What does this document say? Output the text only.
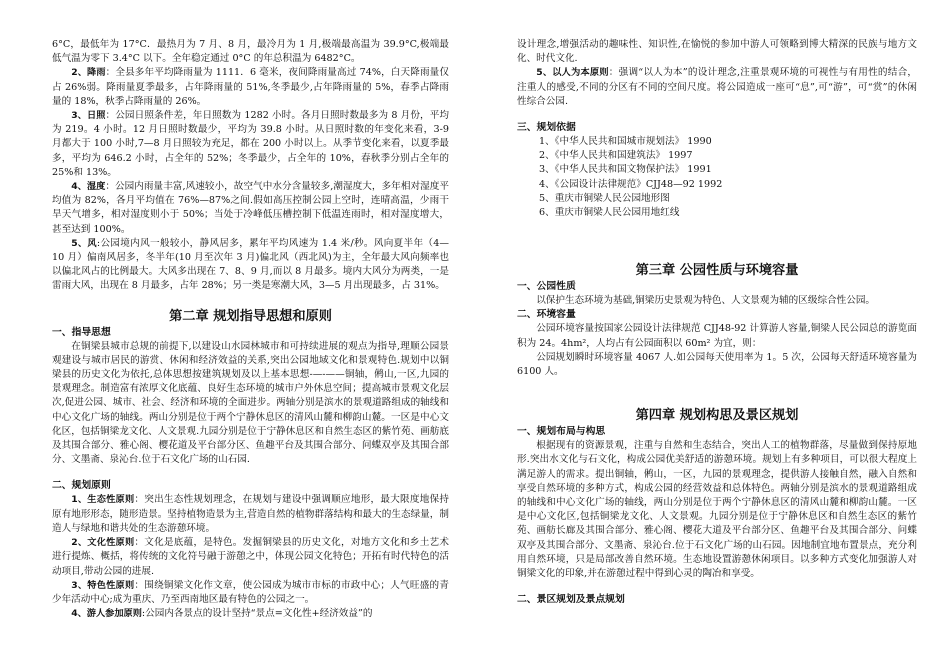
6°C，最低年为 17°C．最热月为 7 月、8 月，最冷月为 1 月,极端最高温为 39.9°C,极端最低气温为零下 3.4°C 以下。全年稳定通过 0°C 的年总积温为 6482°C。

2、降雨：全县多年平均降雨量为 1111．6 毫米，夜间降雨量高过 74%，白天降雨量仅占 26%弱。降雨量夏季最多，占年降雨量的 51%,冬季最少,占年降雨量的 5%，春季占降雨量的 18%，秋季占降雨量的 26%。

3、日照：公园日照条件差，年日照数为 1282 小时。各月日照时数最多为 8 月份，平均为 219。4 小时。12 月日照时数最少，平均为 39.8 小时。从日照时数的年变化来看，3-9 月都大于 100 小时,7—8 月日照较为充足，都在 200 小时以上。从季节变化来看，以夏季最多，平均为 646.2 小时，占全年的 52%；冬季最少，占全年的 10%，春秋季分别占全年的 25%和 13%。

4、湿度：公园内雨量丰富,风速较小，故空气中水分含量较多,潮湿度大，多年相对湿度平均值为 82%，各月平均值在 76%—87%之间.假如高压控制公园上空时，连晴高温，少雨干旱天气增多，相对湿度则小于 50%；当处于冷峰低压槽控制下低温连雨时，相对湿度增大，甚至达到 100%。

5、风:公园境内风一般较小，静风居多，累年平均风速为 1.4 米/秒。风向夏半年（4—10 月）偏南风居多，冬半年(10 月至次年 3 月)偏北风（西北风)为主，全年最大风向频率也以偏北风占的比例最大。大风多出现在 7、8、9 月,而以 8 月最多。境内大风分为两类，一是雷雨大风，出现在 8 月最多，占年 28%；另一类是寒潮大风，3—5 月出现最多，占 31%。

第二章 规划指导思想和原则

一、指导思想

在铜梁县城市总规的前提下,以建设山水园林城市和可持续进展的观点为指导,理顺公园景观建设与城市居民的游赏、休闲和经济效益的关系,突出公园地域文化和景观特色.规划中以铜梁县的历史文化为依托,总体思想按建筑规划及以上基本思想-—-——铜轴，鸺山,一区,九园的景观理念。制造富有浓厚文化底蕴、良好生态环境的城市户外休息空间；提高城市景观文化层次,促进公园、城市、社会、经济和环境的全面进步。两轴分别是滨水的景观道路组成的轴线和中心文化广场的轴线。两山分别是位于两个宁静休息区的清风山麓和柳韵山麓。一区是中心文化区，包括铜梁龙文化、人文景观.九园分别是位于宁静休息区和自然生态区的紫竹苑、画舫底及其围合部分、雅心阁、樱花道及平台部分区、鱼趣平台及其围合部分、问蝶双亭及其围合部分、文墨斋、泉沁台.位于石文化广场的山石园.

二、规划原则

1、生态性原则：突出生态性规划理念，在规划与建设中强调顺应地形，最大限度地保持原有地形形态，随形造景。坚持植物造景为主,营造自然的植物群落结构和最大的生态绿量，制造人与绿地和谐共处的生态游憩环境。

2、文化性原则：文化是底蕴，是特色。发掘铜梁县的历史文化，对地方文化和乡土艺术进行提炼、概括，将传统的文化符号融于游憩之中，体现公园文化特色；开拓有时代特色的活动项目,带动公园的进展.

3、特色性原则：围绕铜梁文化作文章，使公园成为城市市标的市政中心；人气旺盛的青少年活动中心;成为重庆、乃至西南地区最有特色的公园之一。

4、游人参加原则:公园内各景点的设计坚持“景点=文化性+经济效益”的

设计理念,增强活动的趣味性、知识性,在愉悦的参加中游人可领略到博大精深的民族与地方文化、时代文化.

5、以人为本原则：强调“以人为本”的设计理念,注重景观环境的可视性与有用性的结合，注重人的感受,不同的分区有不同的空间尺度。将公园造成一座可“息”,可“游”，可“赏”的休闲性综合公园.

三、规划依据

1、《中华人民共和国城市规划法》 1990

2、《中华人民共和国建筑法》 1997

3、《中华人民共和国文物保护法》 1991

4、《公园设计法律规范》CJJ48—92 1992

5、重庆市铜梁人民公园地形图

6、重庆市铜梁人民公园用地红线

第三章 公园性质与环境容量

一、公园性质

以保护生态环境为基础,铜梁历史景观为特色、人文景观为辅的区级综合性公园。

二、环境容量

公园环境容量按国家公园设计法律规范 CJJ48-92 计算游人容量,铜梁人民公园总的游览面积为 24。4hm²，人均占有公园面积以 60m² 为宜，则：

公园规划瞬时环境容量 4067 人.如公园每天使用率为 1。5 次，公园每天舒适环境容量为 6100 人。

第四章 规划构思及景区规划

一、规划布局与构思

根据现有的资源景观，注重与自然和生态结合，突出人工的植物群落，尽量做到保持原地形.突出水文化与石文化，构成公园优美舒适的游憩环境。规划上有多种项目，可以很大程度上满足游人的需求。提出铜轴，鸺山，一区，九园的景观理念，提供游人接触自然，融入自然和享受自然环境的多种方式，构成公园的经营效益和总体特色。两轴分别是滨水的景观道路组成的轴线和中心文化广场的轴线，两山分别是位于两个宁静休息区的清风山麓和柳韵山麓。一区是中心文化区,包括铜梁龙文化、人文景观。九园分别是位于宁静休息区和自然生态区的紫竹苑、画舫长廊及其围合部分、雅心阁、樱花大道及平台部分区、鱼趣平台及其围合部分、问蝶双亭及其围合部分、文墨斋、泉沁台.位于石文化广场的山石园。因地制宜地布置景点，充分利用自然环境，只是局部改善自然环境。生态地设置游憩休闲项目。以多种方式变化加强游人对铜梁文化的印象,并在游憩过程中得到心灵的陶冶和享受。

二、景区规划及景点规划
